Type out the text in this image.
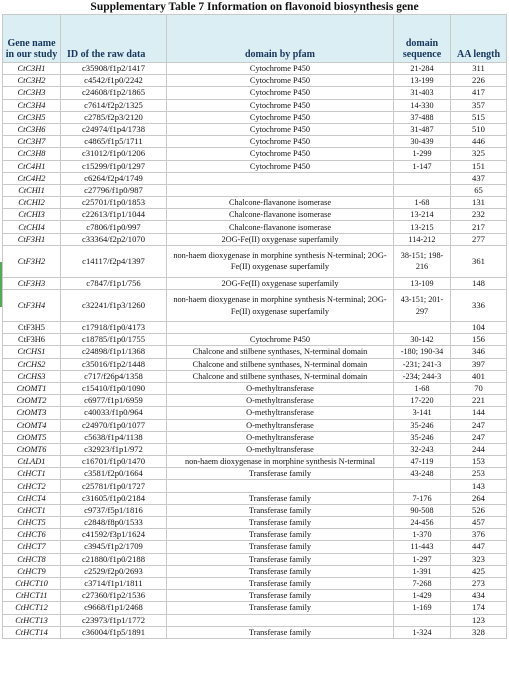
Supplementary Table 7 Information on flavonoid biosynthesis gene
Gene name in our study	ID of the raw data	domain by pfam	domain sequence	AA length
CtC3H1	c35908/f1p2/1417	Cytochrome P450	21-284	311
CtC3H2	c4542/f1p0/2242	Cytochrome P450	13-199	226
CtC3H3	c24608/f1p2/1865	Cytochrome P450	31-403	417
CtC3H4	c7614/f2p2/1325	Cytochrome P450	14-330	357
CtC3H5	c2785/f2p3/2120	Cytochrome P450	37-488	515
CtC3H6	c24974/f1p4/1738	Cytochrome P450	31-487	510
CtC3H7	c4865/f1p5/1711	Cytochrome P450	30-439	446
CtC3H8	c31012/f1p0/1206	Cytochrome P450	1-299	325
CtC4H1	c15299/f1p0/1297	Cytochrome P450	1-147	151
CtC4H2	c6264/f2p4/1749			437
CtCHI1	c27796/f1p0/987			65
CtCHI2	c25701/f1p0/1853	Chalcone-flavanone isomerase	1-68	131
CtCHI3	c22613/f1p1/1044	Chalcone-flavanone isomerase	13-214	232
CtCHI4	c7806/f1p0/997	Chalcone-flavanone isomerase	13-215	217
CtF3H1	c33364/f2p2/1070	2OG-Fe(II) oxygenase superfamily	114-212	277
CtF3H2	c14117/f2p4/1397	non-haem dioxygenase in morphine synthesis N-terminal; 2OG-Fe(II) oxygenase superfamily	38-151; 198-216	361
CtF3H3	c7847/f1p1/756	2OG-Fe(II) oxygenase superfamily	13-109	148
CtF3H4	c32241/f1p3/1260	non-haem dioxygenase in morphine synthesis N-terminal; 2OG-Fe(II) oxygenase superfamily	43-151; 201-297	336
CtF3H5	c17918/f1p0/4173			104
CtF3H6	c18785/f1p0/1755	Cytochrome P450	30-142	156
CtCHS1	c24898/f1p1/1368	Chalcone and stilbene synthases, N-terminal domain	-180; 190-34	346
CtCHS2	c35016/f1p2/1448	Chalcone and stilbene synthases, N-terminal domain	-231; 241-3	397
CtCHS3	c717/f26p4/1358	Chalcone and stilbene synthases, N-terminal domain	-234; 244-3	401
CtOMT1	c15410/f1p0/1090	O-methyltransferase	1-68	70
CtOMT2	c6977/f1p1/6959	O-methyltransferase	17-220	221
CtOMT3	c40033/f1p0/964	O-methyltransferase	3-141	144
CtOMT4	c24970/f1p0/1077	O-methyltransferase	35-246	247
CtOMT5	c5638/f1p4/1138	O-methyltransferase	35-246	247
CtOMT6	c32923/f1p1/972	O-methyltransferase	32-243	244
CtLAD1	c16701/f1p0/1470	non-haem dioxygenase in morphine synthesis N-terminal	47-119	153
CtHCT1	c3581/f2p0/1664	Transferase family	43-248	253
CtHCT2	c25781/f1p0/1727			143
CtHCT4	c31605/f1p0/2184	Transferase family	7-176	264
CtHCT1	c9737/f5p1/1816	Transferase family	90-508	526
CtHCT5	c2848/f8p0/1533	Transferase family	24-456	457
CtHCT6	c41592/f3p1/1624	Transferase family	1-370	376
CtHCT7	c3945/f1p2/1709	Transferase family	11-443	447
CtHCT8	c21880/f1p0/2188	Transferase family	1-297	323
CtHCT9	c2529/f2p0/2693	Transferase family	1-391	425
CtHCT10	c3714/f1p1/1811	Transferase family	7-268	273
CtHCT11	c27360/f1p2/1536	Transferase family	1-429	434
CtHCT12	c9668/f1p1/2468	Transferase family	1-169	174
CtHCT13	c23973/f1p1/1772			123
CtHCT14	c36004/f1p5/1891	Transferase family	1-324	328
